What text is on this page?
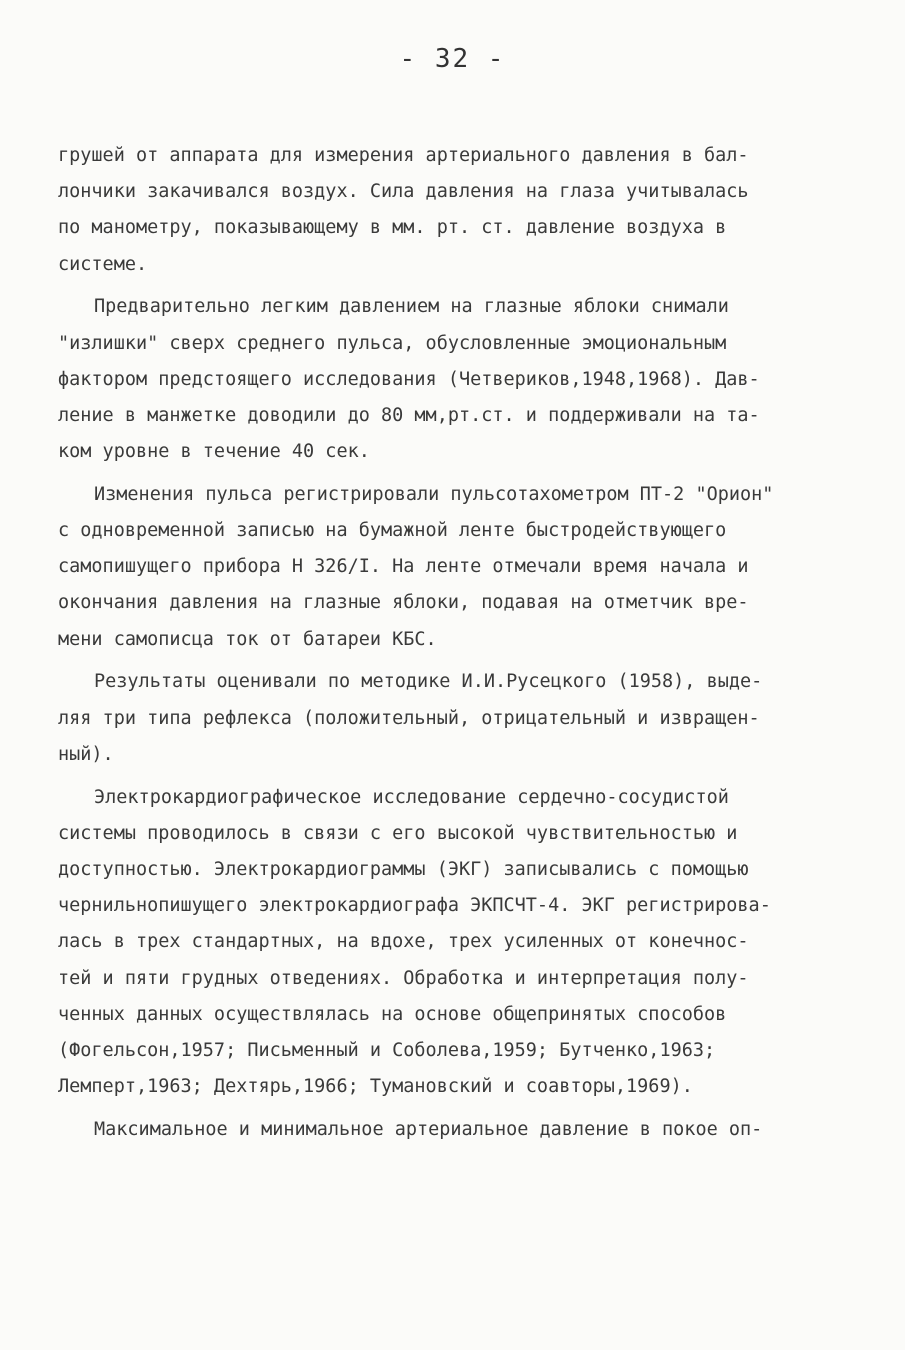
- 32 -
грушей от аппарата для измерения артериального давления в бал-
лончики закачивался воздух. Сила давления на глаза учитывалась
по манометру, показывающему в мм. рт. ст. давление воздуха в
системе.
Предварительно легким давлением на глазные яблоки снимали
"излишки" сверх среднего пульса, обусловленные эмоциональным
фактором предстоящего исследования (Четвериков,1948,1968). Дав-
ление в манжетке доводили до 80 мм,рт.ст. и поддерживали на та-
ком уровне в течение 40 сек.
Изменения пульса регистрировали пульсотахометром ПТ-2 "Орион"
с одновременной записью на бумажной ленте быстродействующего
самопишущего прибора Н 326/I. На ленте отмечали время начала и
окончания давления на глазные яблоки, подавая на отметчик вре-
мени самописца ток от батареи КБС.
Результаты оценивали по методике И.И.Русецкого (1958), выде-
ляя три типа рефлекса (положительный, отрицательный и извращен-
ный).
Электрокардиографическое исследование сердечно-сосудистой
системы проводилось в связи с его высокой чувствительностью и
доступностью. Электрокардиограммы (ЭКГ) записывались с помощью
чернильнопишущего электрокардиографа ЭКПСЧТ-4. ЭКГ регистрирова-
лась в трех стандартных, на вдохе, трех усиленных от конечнос-
тей и пяти грудных отведениях. Обработка и интерпретация полу-
ченных данных осуществлялась на основе общепринятых способов
(Фогельсон,1957; Письменный и Соболева,1959; Бутченко,1963;
Лемперт,1963; Дехтярь,1966; Тумановский и соавторы,1969).
Максимальное и минимальное артериальное давление в покое оп-
